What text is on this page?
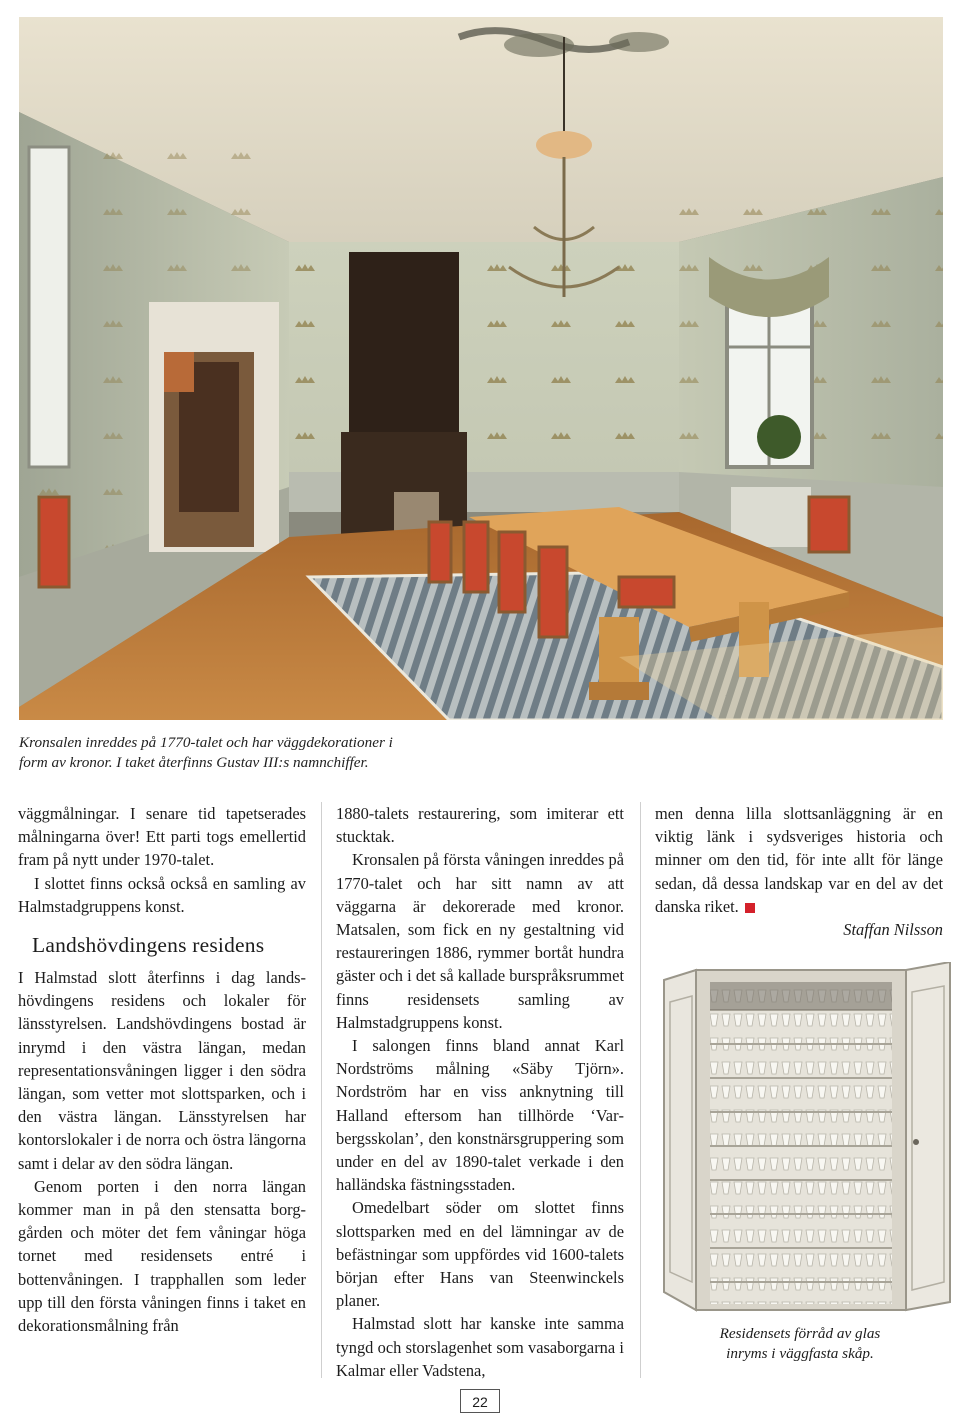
Kronsalen inreddes på 1770-talet och har väggdekorationer i form av kronor. I taket återfinns Gustav III:s namnchiffer.

väggmålningar. I senare tid tapetserades målningarna över! Ett parti togs emellertid fram på nytt under 1970-talet.

I slottet finns också också en samling av Halmstadgruppens konst.

Landshövdingens residens

I Halmstad slott återfinns i dag landshövdingens residens och lokaler för länsstyrelsen. Landshövdingens bostad är inrymd i den västra längan, medan representationsvåningen ligger i den södra längan, som vetter mot slottsparken, och i den västra längan. Länsstyrelsen har kontorslokaler i de norra och östra längorna samt i delar av den södra längan.

Genom porten i den norra längan kommer man in på den stensatta borggården och möter det fem våningar höga tornet med residensets entré i bottenvåningen. I trapphallen som leder upp till den första våningen finns i taket en dekorationsmålning från

1880-talets restaurering, som imiterar ett stucktak.

Kronsalen på första våningen inreddes på 1770-talet och har sitt namn av att väggarna är dekorerade med kronor. Matsalen, som fick en ny gestaltning vid restaureringen 1886, rymmer bortåt hundra gäster och i det så kallade burspråksrummet finns residensets samling av Halmstadgruppens konst.

I salongen finns bland annat Karl Nordströms målning «Säby Tjörn». Nordström har en viss anknytning till Halland eftersom han tillhörde ‘Varbergsskolan’, den konstnärsgruppering som under en del av 1890-talet verkade i den halländska fästningsstaden.

Omedelbart söder om slottet finns slottsparken med en del lämningar av de befästningar som uppfördes vid 1600-talets början efter Hans van Steenwinckels planer.

Halmstad slott har kanske inte samma tyngd och storslagenhet som vasaborgarna i Kalmar eller Vadstena,

men denna lilla slottsanläggning är en viktig länk i sydsveriges historia och minner om den tid, för inte allt för länge sedan, då dessa landskap var en del av det danska riket.

Staffan Nilsson

Residensets förråd av glas inryms i väggfasta skåp.
22
